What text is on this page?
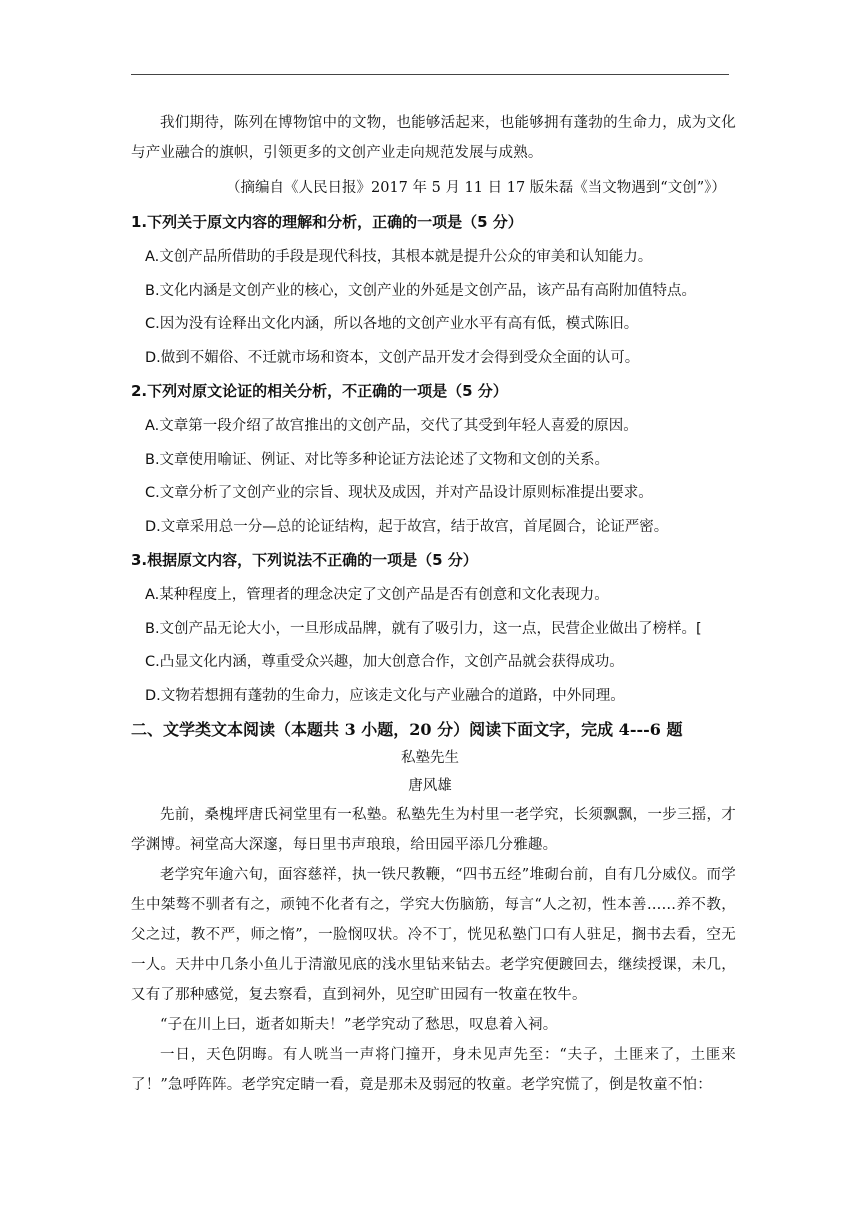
我们期待，陈列在博物馆中的文物，也能够活起来，也能够拥有蓬勃的生命力，成为文化与产业融合的旗帜，引领更多的文创产业走向规范发展与成熟。

（摘编自《人民日报》2017 年 5 月 11 日 17 版朱磊《当文物遇到“文创”》）
1.下列关于原文内容的理解和分析，正确的一项是（5 分）
A.文创产品所借助的手段是现代科技，其根本就是提升公众的审美和认知能力。
B.文化内涵是文创产业的核心，文创产业的外延是文创产品，该产品有高附加值特点。
C.因为没有诠释出文化内涵，所以各地的文创产业水平有高有低，模式陈旧。
D.做到不媚俗、不迁就市场和资本，文创产品开发才会得到受众全面的认可。
2.下列对原文论证的相关分析，不正确的一项是（5 分）
A.文章第一段介绍了故宫推出的文创产品，交代了其受到年轻人喜爱的原因。
B.文章使用喻证、例证、对比等多种论证方法论述了文物和文创的关系。
C.文章分析了文创产业的宗旨、现状及成因，并对产品设计原则标准提出要求。
D.文章采用总一分—总的论证结构，起于故宫，结于故宫，首尾圆合，论证严密。
3.根据原文内容，下列说法不正确的一项是（5 分）
A.某种程度上，管理者的理念决定了文创产品是否有创意和文化表现力。
B.文创产品无论大小，一旦形成品牌，就有了吸引力，这一点，民营企业做出了榜样。[
C.凸显文化内涵，尊重受众兴趣，加大创意合作，文创产品就会获得成功。
D.文物若想拥有蓬勃的生命力，应该走文化与产业融合的道路，中外同理。
二、文学类文本阅读（本题共 3 小题，20 分）阅读下面文字，完成 4---6 题
私塾先生
唐风雄

先前，桑槐坪唐氏祠堂里有一私塾。私塾先生为村里一老学究，长须飘飘，一步三摇，才学渊博。祠堂高大深邃，每日里书声琅琅，给田园平添几分雅趣。

老学究年逾六旬，面容慈祥，执一铁尺教鞭，“四书五经”堆砌台前，自有几分威仪。而学生中桀骜不驯者有之，顽钝不化者有之，学究大伤脑筋，每言“人之初，性本善……养不教，父之过，教不严，师之惰”，一脸悯叹状。冷不丁，恍见私塾门口有人驻足，搁书去看，空无一人。天井中几条小鱼儿于清澈见底的浅水里钻来钻去。老学究便踱回去，继续授课，未几，又有了那种感觉，复去察看，直到祠外，见空旷田园有一牧童在牧牛。

“子在川上曰，逝者如斯夫！”老学究动了愁思，叹息着入祠。

一日，天色阴晦。有人咣当一声将门撞开，身未见声先至：“夫子，土匪来了，土匪来了！”急呼阵阵。老学究定睛一看，竟是那未及弱冠的牧童。老学究慌了，倒是牧童不怕：
